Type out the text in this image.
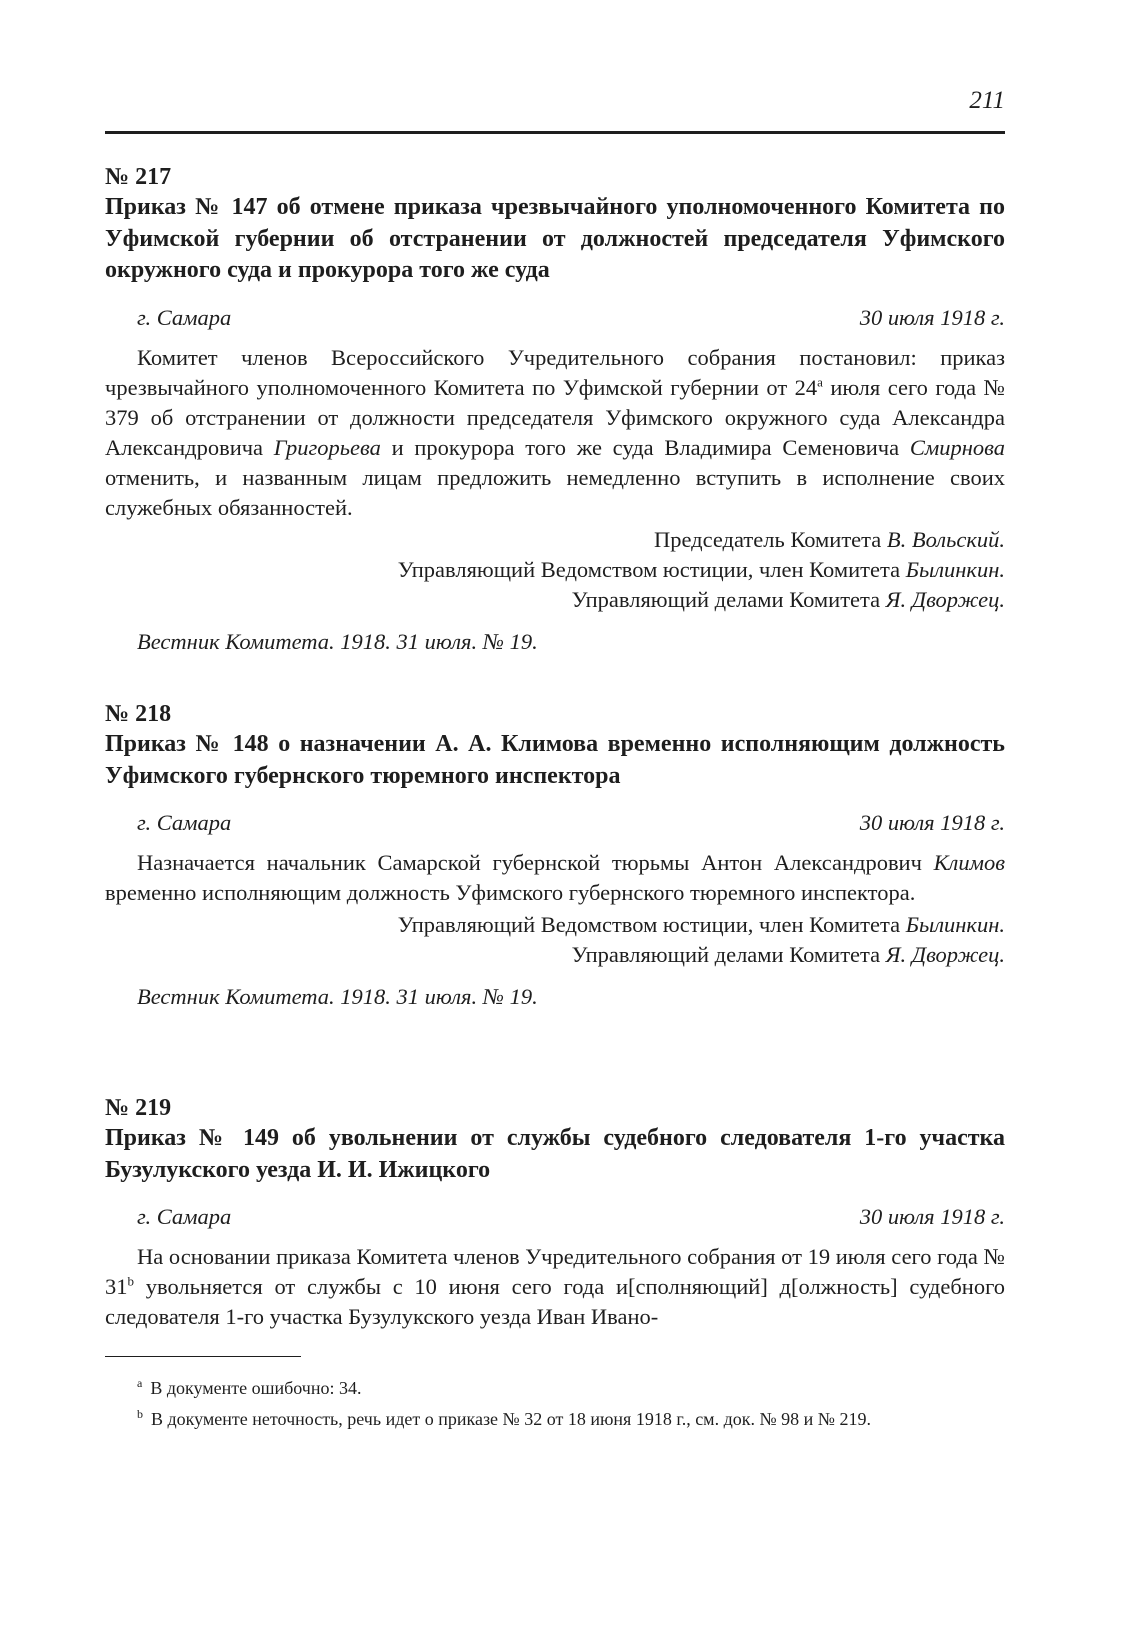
211

№ 217

Приказ № 147 об отмене приказа чрезвычайного уполномоченного Комитета по Уфимской губернии об отстранении от должностей председателя Уфимского окружного суда и прокурора того же суда

г. Самара	30 июля 1918 г.

Комитет членов Всероссийского Учредительного собрания постановил: приказ чрезвычайного уполномоченного Комитета по Уфимской губернии от $24^а$ июля сего года № 379 об отстранении от должности председателя Уфимского окружного суда Александра Александровича Григорьева и прокурора того же суда Владимира Семеновича Смирнова отменить, и названным лицам предложить немедленно вступить в исполнение своих служебных обязанностей.

Председатель Комитета В. Вольский.
Управляющий Ведомством юстиции, член Комитета Былинкин.
Управляющий делами Комитета Я. Дворжец.
Вестник Комитета. 1918. 31 июля. № 19.

№ 218

Приказ № 148 о назначении А. А. Климова временно исполняющим должность Уфимского губернского тюремного инспектора

г. Самара	30 июля 1918 г.

Назначается начальник Самарской губернской тюрьмы Антон Александрович Климов временно исполняющим должность Уфимского губернского тюремного инспектора.

Управляющий Ведомством юстиции, член Комитета Былинкин.
Управляющий делами Комитета Я. Дворжец.
Вестник Комитета. 1918. 31 июля. № 19.

№ 219

Приказ № 149 об увольнении от службы судебного следователя 1-го участка Бузулукского уезда И. И. Ижицкого

г. Самара	30 июля 1918 г.

На основании приказа Комитета членов Учредительного собрания от 19 июля сего года № 31$^b$ увольняется от службы с 10 июня сего года и[сполняющий] д[олжность] судебного следователя 1-го участка Бузулукского уезда Иван Ивано-

$^a$ В документе ошибочно: 34.
$^b$ В документе неточность, речь идет о приказе № 32 от 18 июня 1918 г., см. док. № 98 и № 219.
